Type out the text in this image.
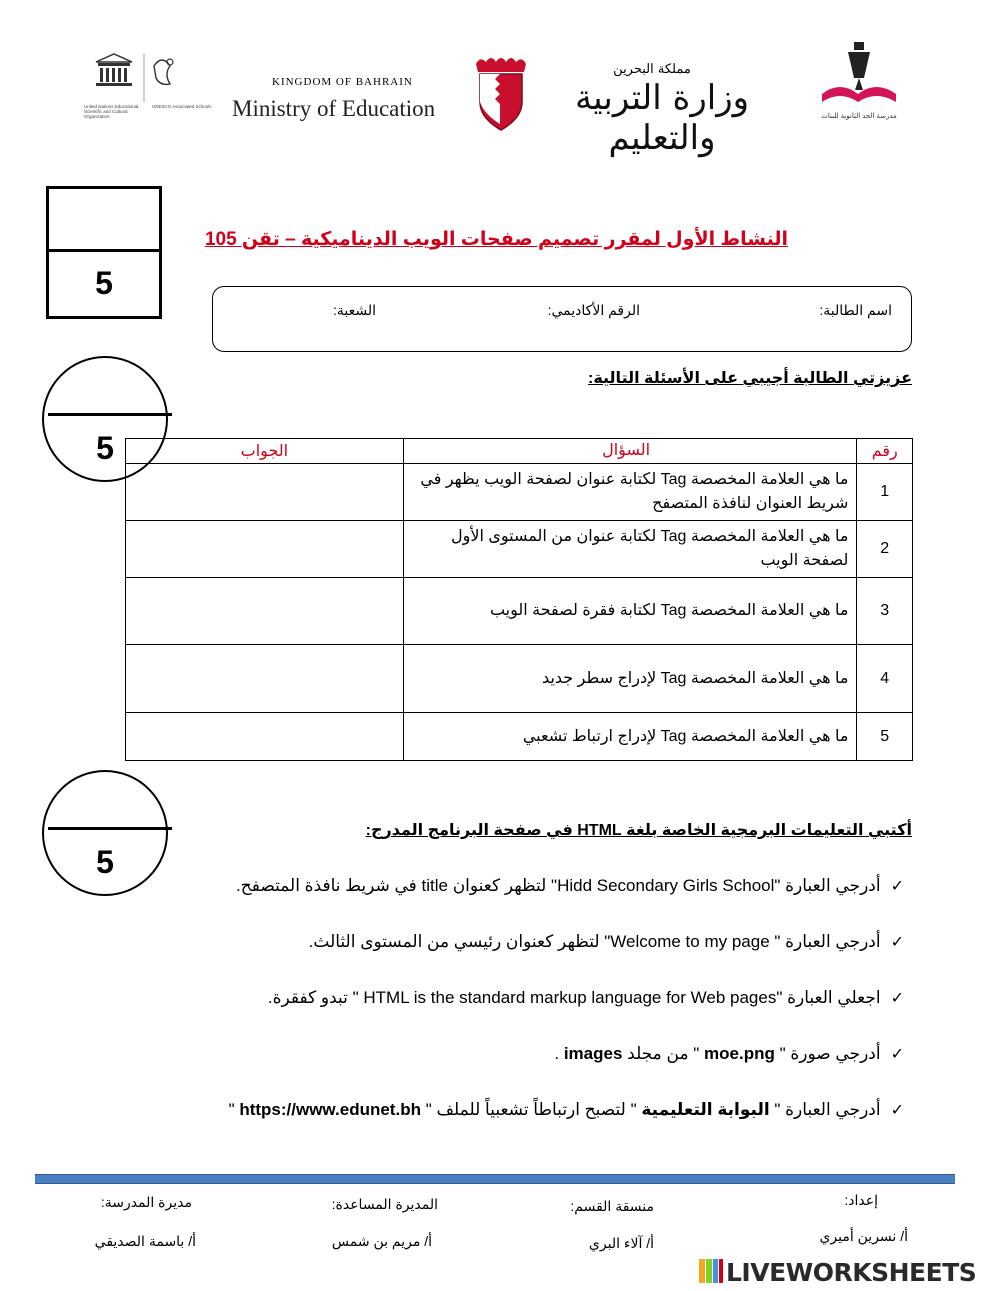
United Nations Educational, Scientific and Cultural Organization
UNESCO Associated Schools
KINGDOM OF BAHRAIN
Ministry of Education
مملكة البحرين
وزارة التربية والتعليم
مدرسة الحد الثانوية للبنات
5
5
5
النشاط الأول لمقرر تصميم صفحات الويب الديناميكية – تقن 105
اسم الطالبة:
الرقم الأكاديمي:
الشعبة:
عزيزتي الطالبة أجيبي على الأسئلة التالية:
رقم	السؤال	الجواب
1	ما هي العلامة المخصصة Tag لكتابة عنوان لصفحة الويب يظهر في شريط العنوان لنافذة المتصفح	
2	ما هي العلامة المخصصة Tag لكتابة عنوان من المستوى الأول لصفحة الويب	
3	ما هي العلامة المخصصة Tag لكتابة فقرة لصفحة الويب	
4	ما هي العلامة المخصصة Tag لإدراج سطر جديد	
5	ما هي العلامة المخصصة Tag لإدراج ارتباط تشعبي	
أكتبي التعليمات البرمجية الخاصة بلغة HTML في صفحة البرنامج المدرج:
✓أدرجي العبارة "Hidd Secondary Girls School" لتظهر كعنوان title في شريط نافذة المتصفح.
✓أدرجي العبارة " Welcome to my page" لتظهر كعنوان رئيسي من المستوى الثالث.
✓اجعلي العبارة "HTML is the standard markup language for Web pages " تبدو كفقرة.
✓أدرجي صورة " moe.png " من مجلد images .
✓أدرجي العبارة " البوابة التعليمية " لتصبح ارتباطاً تشعبياً للملف " https://www.edunet.bh "
إعداد:
أ/ نسرين أميري
منسقة القسم:
أ/ آلاء البري
المديرة المساعدة:
أ/ مريم بن شمس
مديرة المدرسة:
أ/ باسمة الصديقي
LIVEWORKSHEETS
